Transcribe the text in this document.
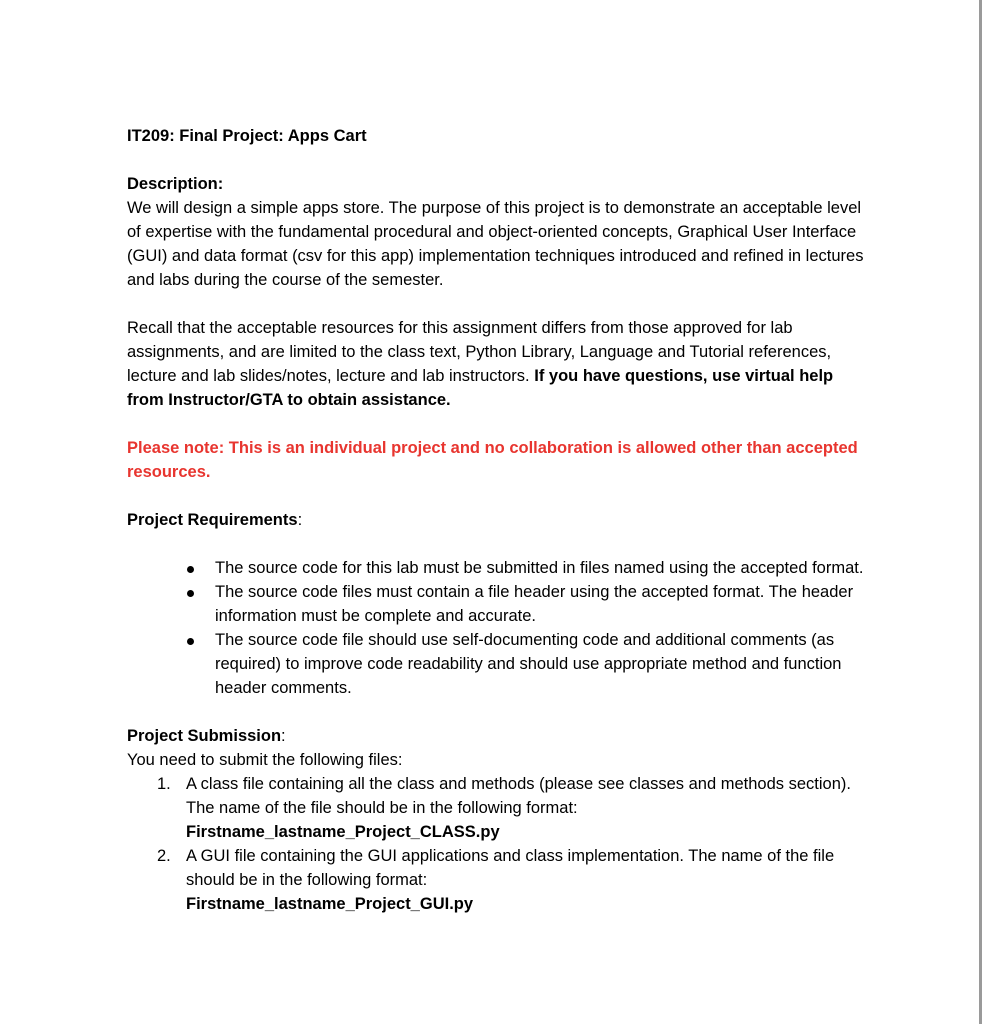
IT209: Final Project: Apps Cart

Description:

We will design a simple apps store. The purpose of this project is to demonstrate an acceptable level of expertise with the fundamental procedural and object-oriented concepts, Graphical User Interface (GUI) and data format (csv for this app) implementation techniques introduced and refined in lectures and labs during the course of the semester.

Recall that the acceptable resources for this assignment differs from those approved for lab assignments, and are limited to the class text, Python Library, Language and Tutorial references, lecture and lab slides/notes, lecture and lab instructors. If you have questions, use virtual help from Instructor/GTA to obtain assistance.

Please note: This is an individual project and no collaboration is allowed other than accepted resources.

Project Requirements:

The source code for this lab must be submitted in files named using the accepted format.
The source code files must contain a file header using the accepted format. The header information must be complete and accurate.
The source code file should use self-documenting code and additional comments (as required) to improve code readability and should use appropriate method and function header comments.

Project Submission:

You need to submit the following files:

1. A class file containing all the class and methods (please see classes and methods section). The name of the file should be in the following format:
Firstname_lastname_Project_CLASS.py
2. A GUI file containing the GUI applications and class implementation. The name of the file should be in the following format:
Firstname_lastname_Project_GUI.py
